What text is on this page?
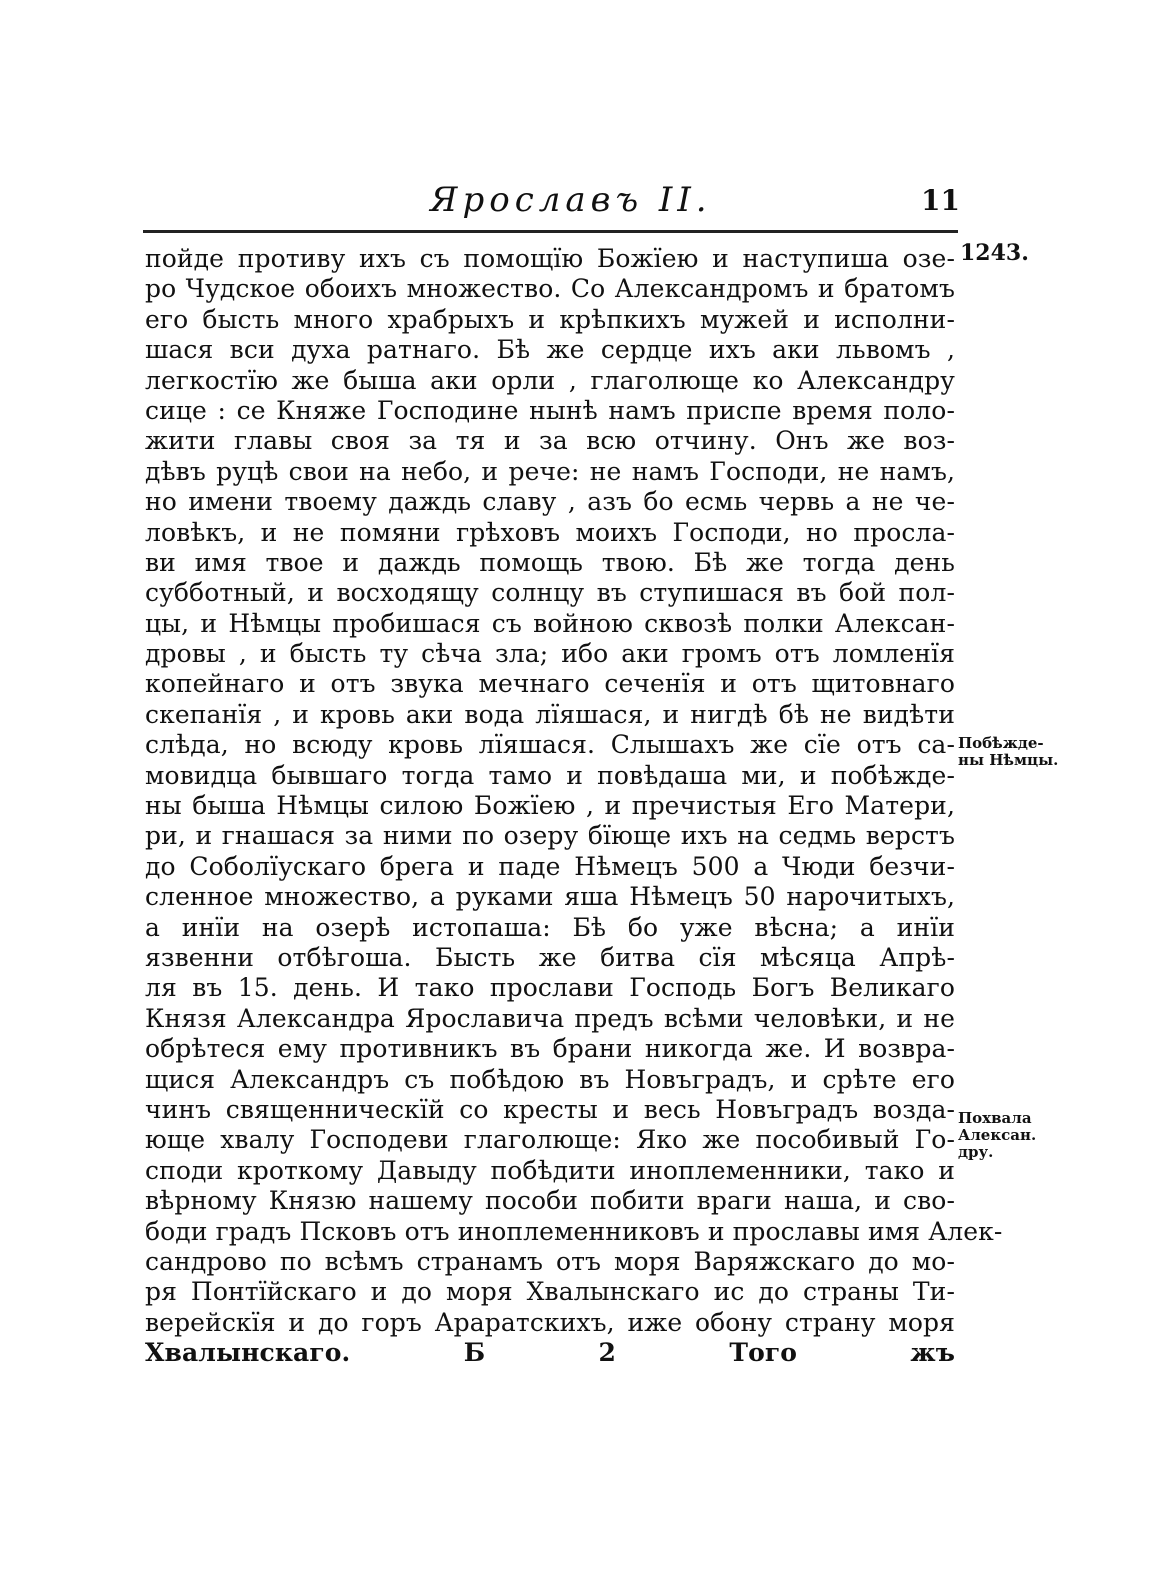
Ярославъ II.	11
пойде противу ихъ съ помощїю Божїею и наступиша озе-
ро Чудское обоихъ множество. Со Александромъ и братомъ
его бысть много храбрыхъ и крѣпкихъ мужей и исполни-
шася вси духа ратнаго. Бѣ же сердце ихъ аки львомъ ,
легкостїю же быша аки орли , глаголюще ко Александру
сице : се Княже Господине нынѣ намъ приспе время поло-
жити главы своя за тя и за всю отчину. Онъ же воз-
дѣвъ руцѣ свои на небо, и рече: не намъ Господи, не намъ,
но имени твоему даждь славу , азъ бо есмь червь а не че-
ловѣкъ, и не помяни грѣховъ моихъ Господи, но просла-
ви имя твое и даждь помощь твою. Бѣ же тогда день
субботный, и восходящу солнцу въ ступишася въ бой пол-
цы, и Нѣмцы пробишася съ войною сквозѣ полки Алексан-
дровы , и бысть ту сѣча зла; ибо аки громъ отъ ломленїя
копейнаго и отъ звука мечнаго сеченїя и отъ щитовнаго
скепанїя , и кровь аки вода лїяшася, и нигдѣ бѣ не видѣти
слѣда, но всюду кровь лїяшася. Слышахъ же сїе отъ са-
мовидца бывшаго тогда тамо и повѣдаша ми, и побѣжде-
ны быша Нѣмцы силою Божїею , и пречистыя Его Матери,
ри, и гнашася за ними по озеру бїюще ихъ на седмь верстъ
до Соболїускаго брега и паде Нѣмецъ 500 а Чюди безчи-
сленное множество, а руками яша Нѣмецъ 50 нарочитыхъ,
а инїи на озерѣ истопаша: Бѣ бо уже вѣсна; а инїи
язвенни отбѣгоша. Бысть же битва сїя мѣсяца Апрѣ-
ля въ 15. день. И тако прослави Господь Богъ Великаго
Князя Александра Ярославича предъ всѣми человѣки, и не
обрѣтеся ему противникъ въ брани никогда же. И возвра-
щися Александръ съ побѣдою въ Новъградъ, и срѣте его
чинъ священническїй со кресты и весь Новъградъ возда-
юще хвалу Господеви глаголюще: Яко же пособивый Го-
споди кроткому Давыду побѣдити иноплеменники, тако и
вѣрному Князю нашему пособи побити враги наша, и сво-
боди градъ Псковъ отъ иноплеменниковъ и прославы имя Алек-
сандрово по всѣмъ странамъ отъ моря Варяжскаго до мо-
ря Понтїйскаго и до моря Хвалынскаго ис до страны Ти-
верейскїя и до горъ Араратскихъ, иже обону страну моря
Хвалынскаго.	Б 2	Того жъ
1243.
Побѣжде-
ны Нѣмцы.
Похвала
Алексан.
дру.
